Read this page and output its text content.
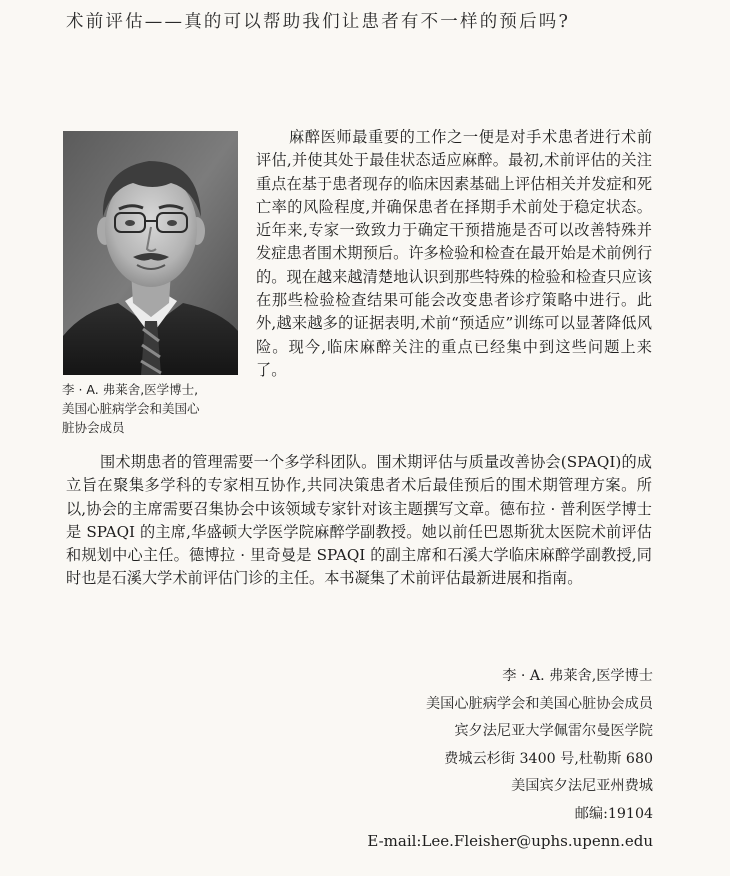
术前评估——真的可以帮助我们让患者有不一样的预后吗?
李 · A. 弗莱舍,医学博士,
美国心脏病学会和美国心
脏协会成员
麻醉医师最重要的工作之一便是对手术患者进行术前评估,并使其处于最佳状态适应麻醉。最初,术前评估的关注重点在基于患者现存的临床因素基础上评估相关并发症和死亡率的风险程度,并确保患者在择期手术前处于稳定状态。近年来,专家一致致力于确定干预措施是否可以改善特殊并发症患者围术期预后。许多检验和检查在最开始是术前例行的。现在越来越清楚地认识到那些特殊的检验和检查只应该在那些检验检查结果可能会改变患者诊疗策略中进行。此外,越来越多的证据表明,术前“预适应”训练可以显著降低风险。现今,临床麻醉关注的重点已经集中到这些问题上来了。
围术期患者的管理需要一个多学科团队。围术期评估与质量改善协会(SPAQI)的成立旨在聚集多学科的专家相互协作,共同决策患者术后最佳预后的围术期管理方案。所以,协会的主席需要召集协会中该领域专家针对该主题撰写文章。德布拉 · 普利医学博士是 SPAQI 的主席,华盛顿大学医学院麻醉学副教授。她以前任巴恩斯犹太医院术前评估和规划中心主任。德博拉 · 里奇曼是 SPAQI 的副主席和石溪大学临床麻醉学副教授,同时也是石溪大学术前评估门诊的主任。本书凝集了术前评估最新进展和指南。
李 · A. 弗莱舍,医学博士
美国心脏病学会和美国心脏协会成员
宾夕法尼亚大学佩雷尔曼医学院
费城云杉街 3400 号,杜勒斯 680
美国宾夕法尼亚州费城
邮编:19104
E-mail:Lee.Fleisher@uphs.upenn.edu
